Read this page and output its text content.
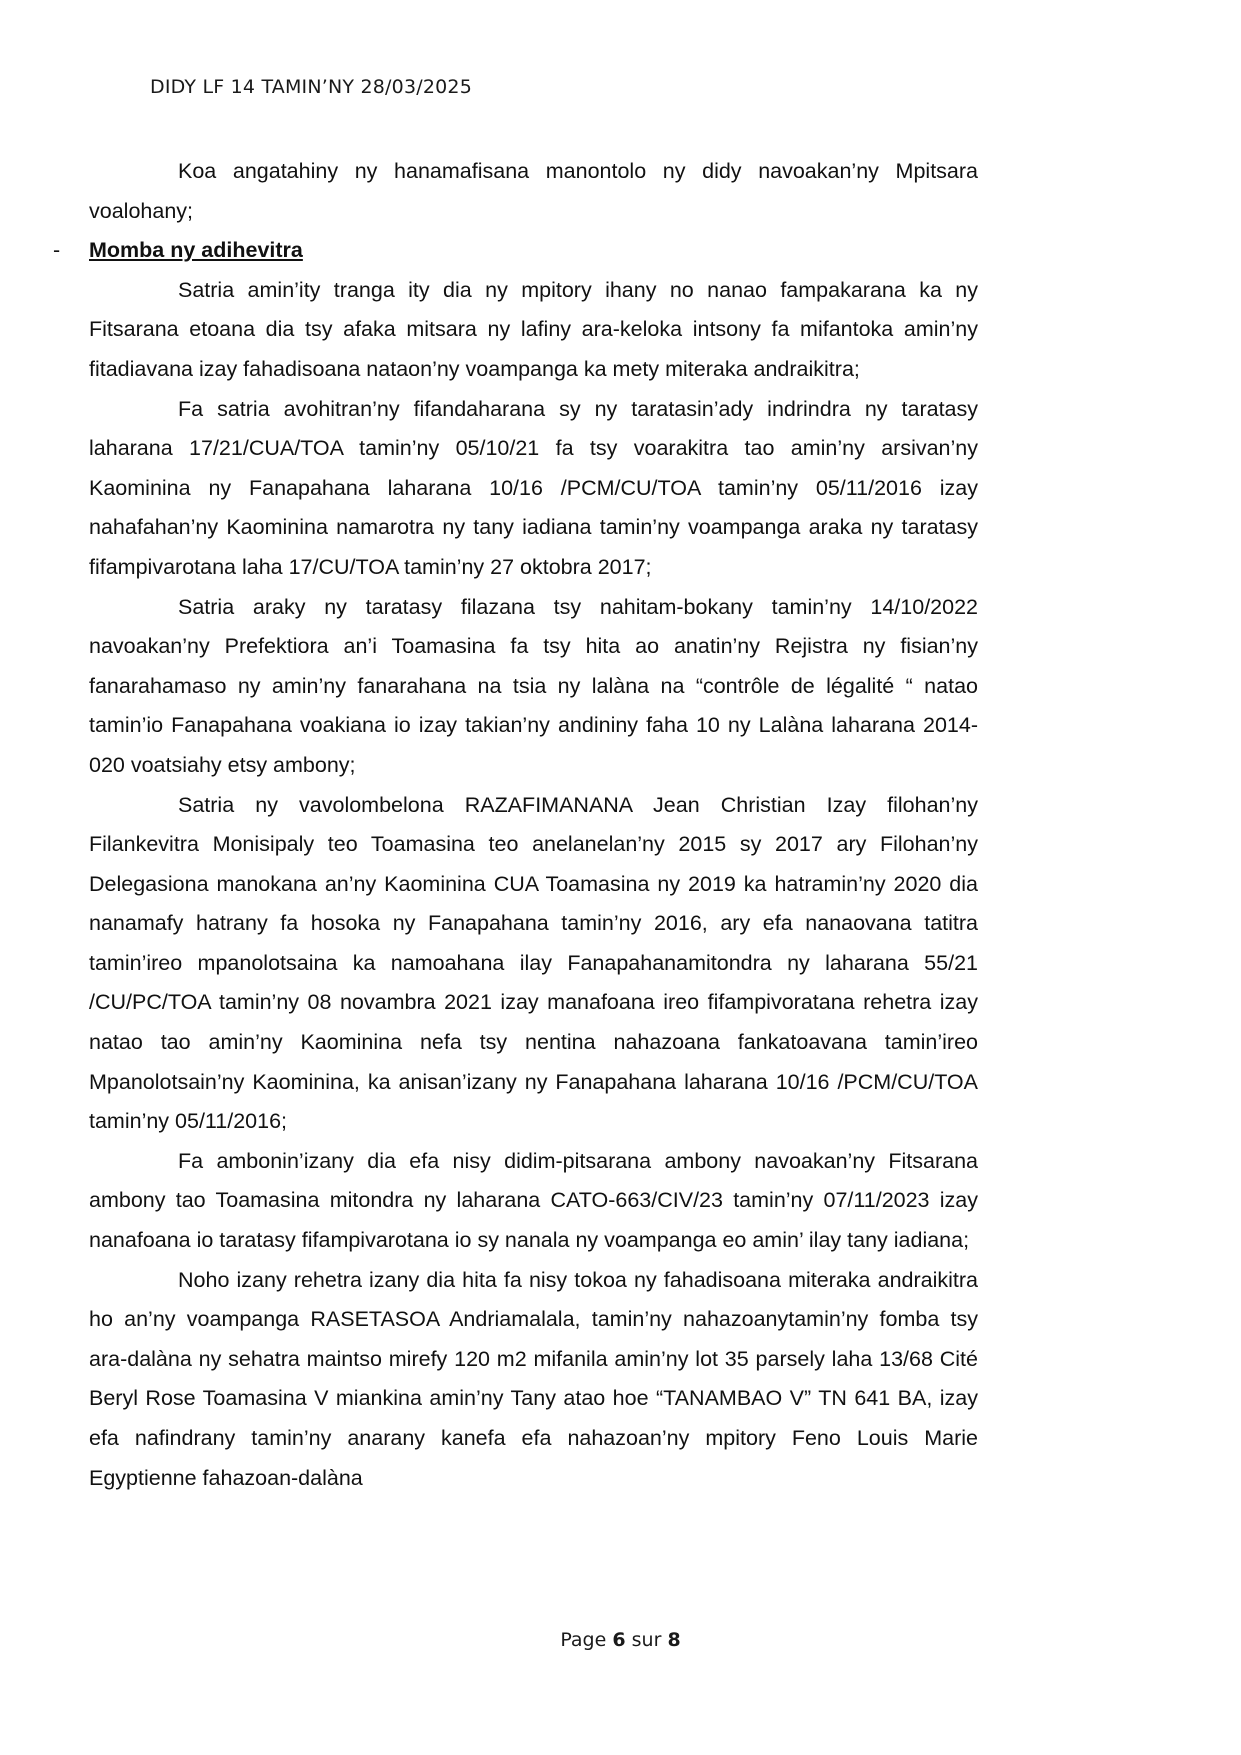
DIDY LF 14 TAMIN’NY 28/03/2025

Koa angatahiny ny hanamafisana manontolo ny didy navoakan’ny Mpitsara voalohany;

- Momba ny adihevitra

Satria amin’ity tranga ity dia ny mpitory ihany no nanao fampakarana ka ny Fitsarana etoana dia tsy afaka mitsara ny lafiny ara-keloka intsony fa mifantoka amin’ny fitadiavana izay fahadisoana nataon’ny voampanga ka mety miteraka andraikitra;

Fa satria avohitran’ny fifandaharana sy ny taratasin’ady indrindra ny taratasy laharana 17/21/CUA/TOA tamin’ny 05/10/21 fa tsy voarakitra tao amin’ny arsivan’ny Kaominina ny Fanapahana laharana 10/16 /PCM/CU/TOA tamin’ny 05/11/2016 izay nahafahan’ny Kaominina namarotra ny tany iadiana tamin’ny voampanga araka ny taratasy fifampivarotana laha 17/CU/TOA tamin’ny 27 oktobra 2017;

Satria araky ny taratasy filazana tsy nahitam-bokany tamin’ny 14/10/2022 navoakan’ny Prefektiora an’i Toamasina fa tsy hita ao anatin’ny Rejistra ny fisian’ny fanarahamaso ny amin’ny fanarahana na tsia ny lalàna na “contrôle de légalité “ natao tamin’io Fanapahana voakiana io izay takian’ny andininy faha 10 ny Lalàna laharana 2014-020 voatsiahy etsy ambony;

Satria ny vavolombelona RAZAFIMANANA Jean Christian Izay filohan’ny Filankevitra Monisipaly teo Toamasina teo anelanelan’ny 2015 sy 2017 ary Filohan’ny Delegasiona manokana an’ny Kaominina CUA Toamasina ny 2019 ka hatramin’ny 2020 dia nanamafy hatrany fa hosoka ny Fanapahana tamin’ny 2016, ary efa nanaovana tatitra tamin’ireo mpanolotsaina ka namoahana ilay Fanapahanamitondra ny laharana 55/21 /CU/PC/TOA tamin’ny 08 novambra 2021 izay manafoana ireo fifampivoratana rehetra izay natao tao amin’ny Kaominina nefa tsy nentina nahazoana fankatoavana tamin’ireo Mpanolotsain’ny Kaominina, ka anisan’izany ny Fanapahana laharana 10/16 /PCM/CU/TOA tamin’ny 05/11/2016;

Fa ambonin’izany dia efa nisy didim-pitsarana ambony navoakan’ny Fitsarana ambony tao Toamasina mitondra ny laharana CATO-663/CIV/23 tamin’ny 07/11/2023 izay nanafoana io taratasy fifampivarotana io sy nanala ny voampanga eo amin’ ilay tany iadiana;

Noho izany rehetra izany dia hita fa nisy tokoa ny fahadisoana miteraka andraikitra ho an’ny voampanga RASETASOA Andriamalala, tamin’ny nahazoanytamin’ny fomba tsy ara-dalàna ny sehatra maintso mirefy 120 m2 mifanila amin’ny lot 35 parsely laha 13/68 Cité Beryl Rose Toamasina V miankina amin’ny Tany atao hoe “TANAMBAO V” TN 641 BA, izay efa nafindrany tamin’ny anarany kanefa efa nahazoan’ny mpitory Feno Louis Marie Egyptienne fahazoan-dalàna

Page 6 sur 8
